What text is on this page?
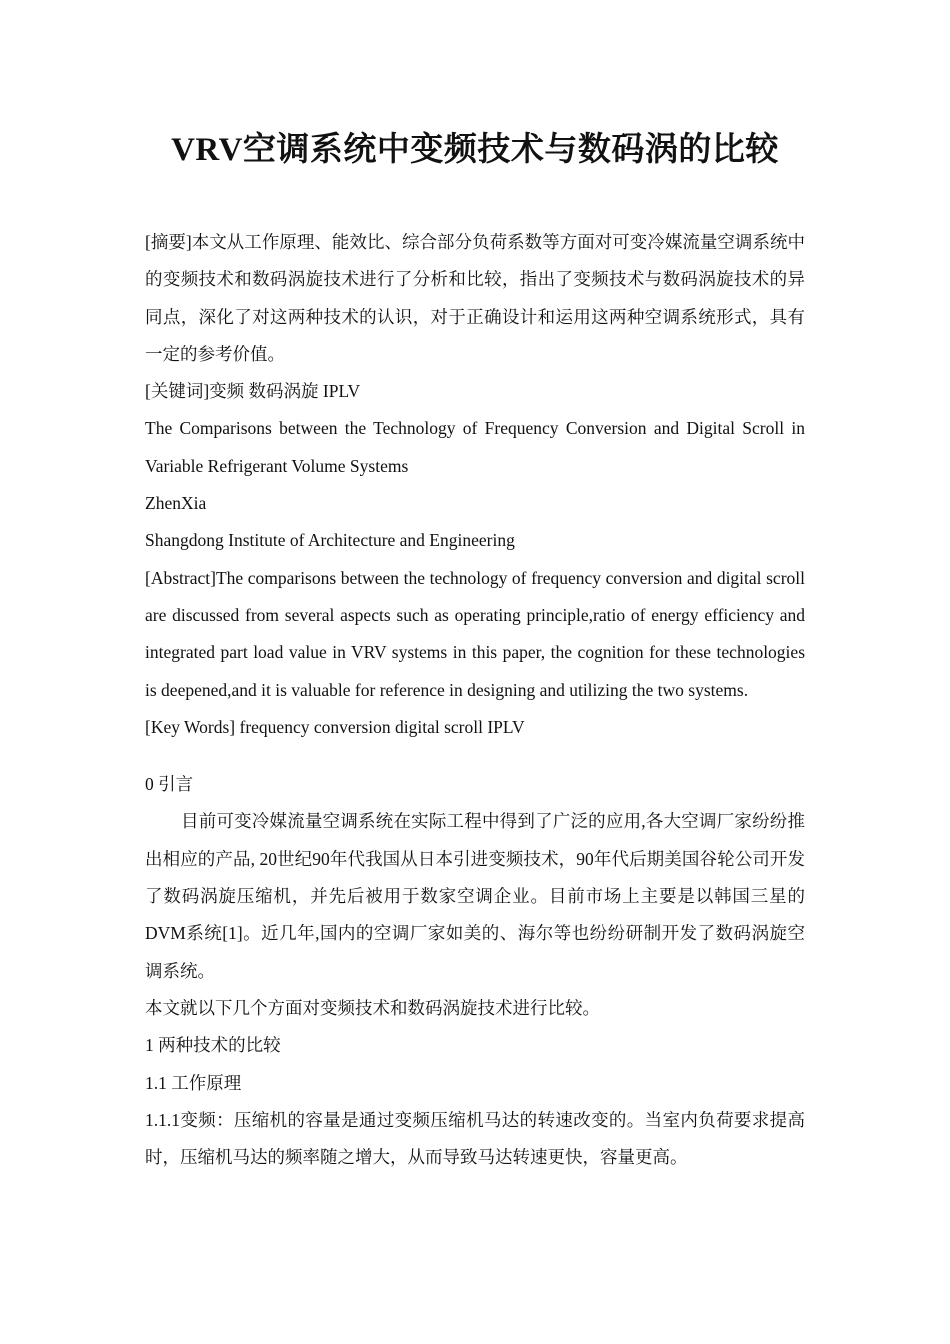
VRV空调系统中变频技术与数码涡的比较

[摘要]本文从工作原理、能效比、综合部分负荷系数等方面对可变冷媒流量空调系统中的变频技术和数码涡旋技术进行了分析和比较，指出了变频技术与数码涡旋技术的异同点，深化了对这两种技术的认识，对于正确设计和运用这两种空调系统形式，具有一定的参考价值。

[关键词]变频 数码涡旋 IPLV

The Comparisons between the Technology of Frequency Conversion and Digital Scroll in Variable Refrigerant Volume Systems

ZhenXia

Shangdong Institute of Architecture and Engineering

[Abstract]The comparisons between the technology of frequency conversion and digital scroll are discussed from several aspects such as operating principle,ratio of energy efficiency and integrated part load value in VRV systems in this paper, the cognition for these technologies is deepened,and it is valuable for reference in designing and utilizing the two systems.

[Key Words] frequency conversion digital scroll IPLV

0 引言

目前可变冷媒流量空调系统在实际工程中得到了广泛的应用,各大空调厂家纷纷推出相应的产品, 20世纪90年代我国从日本引进变频技术，90年代后期美国谷轮公司开发了数码涡旋压缩机，并先后被用于数家空调企业。目前市场上主要是以韩国三星的DVM系统[1]。近几年,国内的空调厂家如美的、海尔等也纷纷研制开发了数码涡旋空调系统。

本文就以下几个方面对变频技术和数码涡旋技术进行比较。

1 两种技术的比较

1.1 工作原理

1.1.1变频：压缩机的容量是通过变频压缩机马达的转速改变的。当室内负荷要求提高时，压缩机马达的频率随之增大，从而导致马达转速更快，容量更高。
